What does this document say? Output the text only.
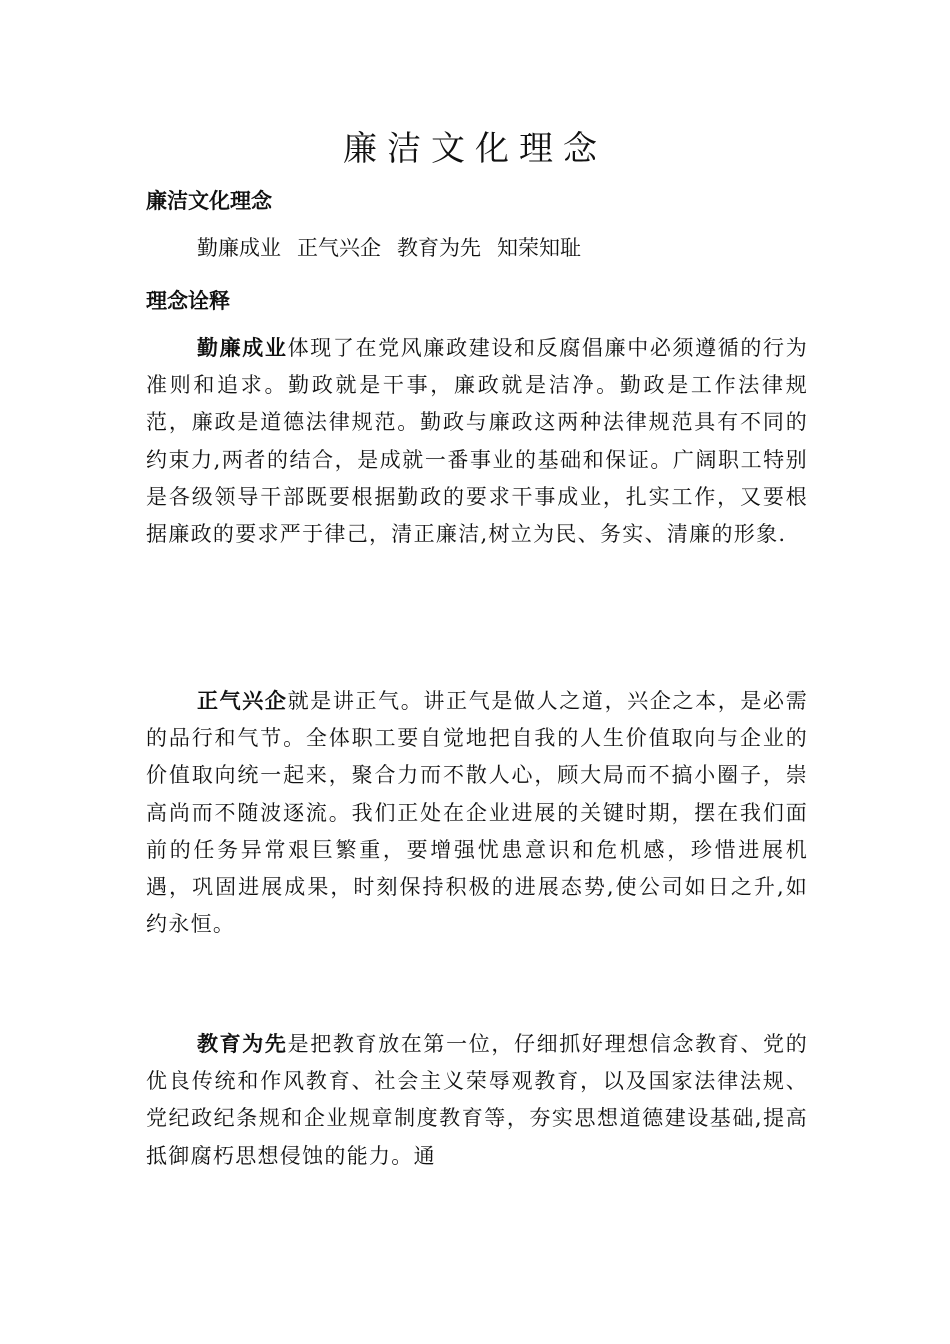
廉洁文化理念
廉洁文化理念

勤廉成业 正气兴企 教育为先 知荣知耻

理念诠释

勤廉成业体现了在党风廉政建设和反腐倡廉中必须遵循的行为准则和追求。勤政就是干事，廉政就是洁净。勤政是工作法律规范，廉政是道德法律规范。勤政与廉政这两种法律规范具有不同的约束力,两者的结合，是成就一番事业的基础和保证。广阔职工特别是各级领导干部既要根据勤政的要求干事成业，扎实工作，又要根据廉政的要求严于律己，清正廉洁,树立为民、务实、清廉的形象.

正气兴企就是讲正气。讲正气是做人之道，兴企之本，是必需的品行和气节。全体职工要自觉地把自我的人生价值取向与企业的价值取向统一起来，聚合力而不散人心，顾大局而不搞小圈子，崇高尚而不随波逐流。我们正处在企业进展的关键时期，摆在我们面前的任务异常艰巨繁重，要增强忧患意识和危机感，珍惜进展机遇，巩固进展成果，时刻保持积极的进展态势,使公司如日之升,如约永恒。

教育为先是把教育放在第一位，仔细抓好理想信念教育、党的优良传统和作风教育、社会主义荣辱观教育，以及国家法律法规、党纪政纪条规和企业规章制度教育等，夯实思想道德建设基础,提高抵御腐朽思想侵蚀的能力。通
